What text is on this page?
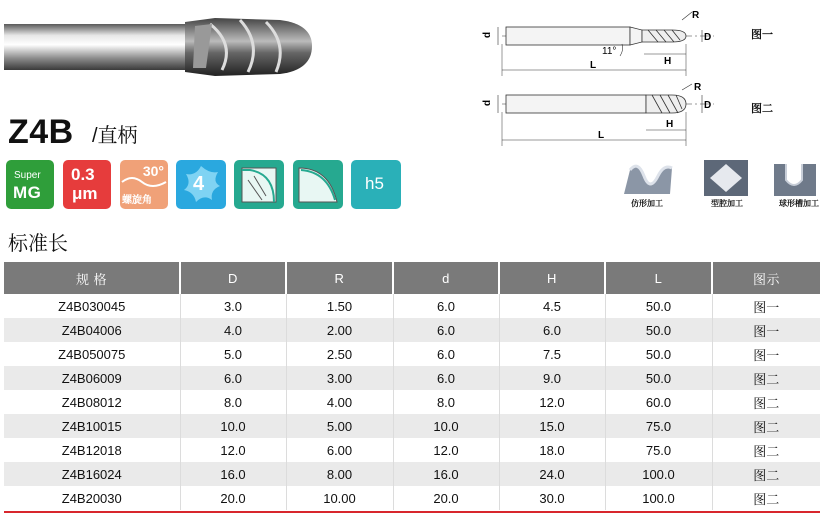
Z4B /直柄
Super
MG
0.3
μm
30°
螺旋角
4	h5
d
11°
H
L
R
D	图一
d
H
L
R
D	图二
仿形加工	型腔加工	球形槽加工
标准长
规 格	D	R	d	H	L	图示
Z4B030045	3.0	1.50	6.0	4.5	50.0	图一
Z4B04006	4.0	2.00	6.0	6.0	50.0	图一
Z4B050075	5.0	2.50	6.0	7.5	50.0	图一
Z4B06009	6.0	3.00	6.0	9.0	50.0	图二
Z4B08012	8.0	4.00	8.0	12.0	60.0	图二
Z4B10015	10.0	5.00	10.0	15.0	75.0	图二
Z4B12018	12.0	6.00	12.0	18.0	75.0	图二
Z4B16024	16.0	8.00	16.0	24.0	100.0	图二
Z4B20030	20.0	10.00	20.0	30.0	100.0	图二
